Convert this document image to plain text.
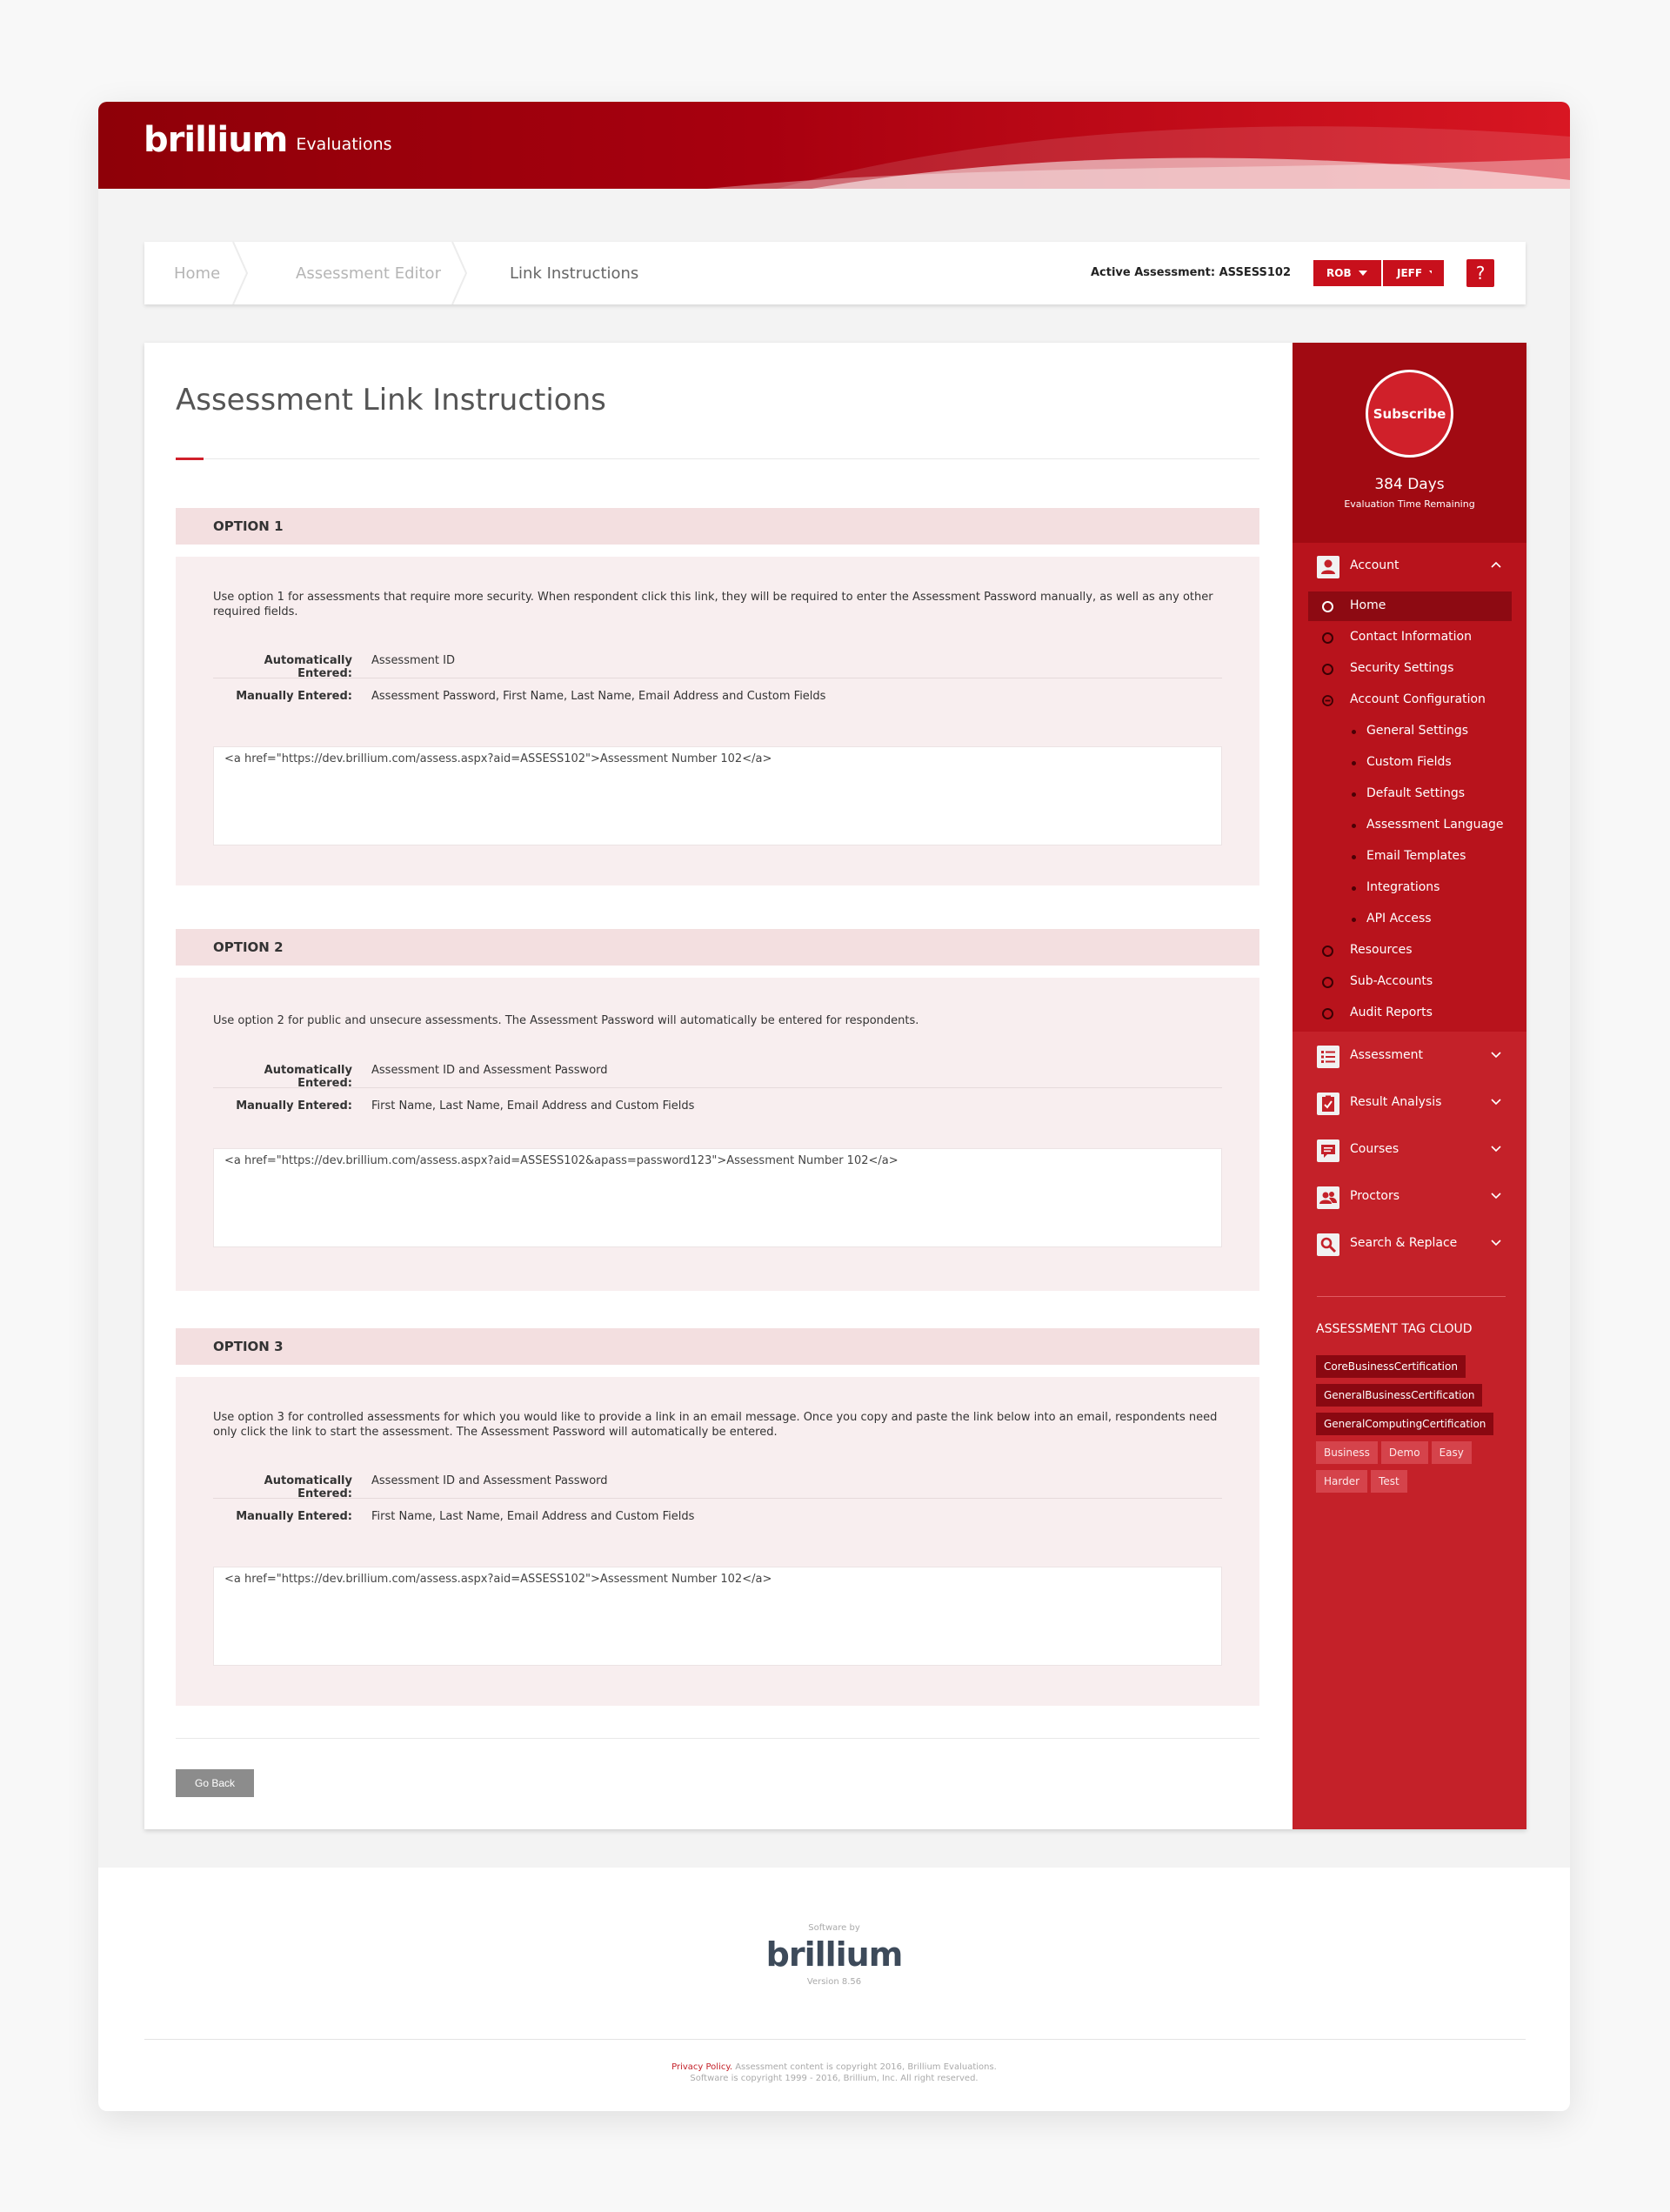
brillium Evaluations
Home	Assessment Editor	Link Instructions	Active Assessment: ASSESS102	ROB	JEFF	?
Assessment Link Instructions
OPTION 1

Use option 1 for assessments that require more security. When respondent click this link, they will be required to enter the Assessment Password manually, as well as any other required fields.

Automatically Entered:
Assessment ID
Manually Entered: Assessment Password, First Name, Last Name, Email Address and Custom Fields
<a href="https://dev.brillium.com/assess.aspx?aid=ASSESS102">Assessment Number 102</a>
OPTION 2

Use option 2 for public and unsecure assessments. The Assessment Password will automatically be entered for respondents.

Automatically Entered:
Assessment ID and Assessment Password
Manually Entered: First Name, Last Name, Email Address and Custom Fields
<a href="https://dev.brillium.com/assess.aspx?aid=ASSESS102&apass=password123">Assessment Number 102</a>
OPTION 3

Use option 3 for controlled assessments for which you would like to provide a link in an email message. Once you copy and paste the link below into an email, respondents need only click the link to start the assessment. The Assessment Password will automatically be entered.

Automatically Entered:
Assessment ID and Assessment Password
Manually Entered: First Name, Last Name, Email Address and Custom Fields
<a href="https://dev.brillium.com/assess.aspx?aid=ASSESS102">Assessment Number 102</a>
Go Back
Subscribe
384 Days
Evaluation Time Remaining
Account
Home
Contact Information
Security Settings
Account Configuration
General Settings
Custom Fields
Default Settings
Assessment Language
Email Templates
Integrations
API Access
Resources
Sub-Accounts
Audit Reports
Assessment
Result Analysis
Courses
Proctors
Search & Replace
ASSESSMENT TAG CLOUD
CoreBusinessCertification
GeneralBusinessCertification
GeneralComputingCertification
Business	Demo	Easy
Harder	Test
Software by
brillium
Version 8.56
Privacy Policy. Assessment content is copyright 2016, Brillium Evaluations.
Software is copyright 1999 - 2016, Brillium, Inc. All right reserved.
